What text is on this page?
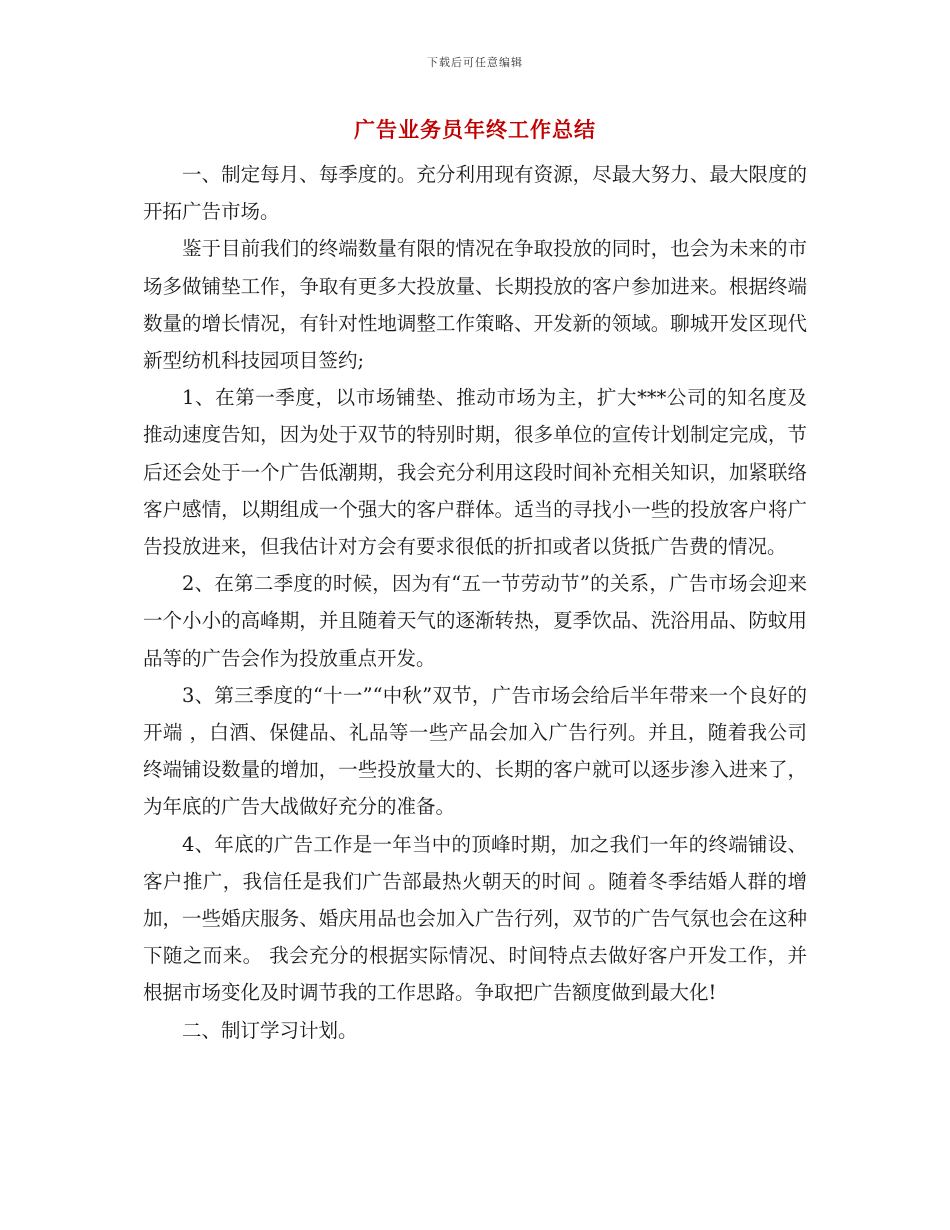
下载后可任意编辑
广告业务员年终工作总结

一、制定每月、每季度的。充分利用现有资源，尽最大努力、最大限度的开拓广告市场。

鉴于目前我们的终端数量有限的情况在争取投放的同时，也会为未来的市场多做铺垫工作，争取有更多大投放量、长期投放的客户参加进来。根据终端数量的增长情况，有针对性地调整工作策略、开发新的领域。聊城开发区现代新型纺机科技园项目签约;

1、在第一季度，以市场铺垫、推动市场为主，扩大***公司的知名度及推动速度告知，因为处于双节的特别时期，很多单位的宣传计划制定完成，节后还会处于一个广告低潮期，我会充分利用这段时间补充相关知识，加紧联络客户感情，以期组成一个强大的客户群体。适当的寻找小一些的投放客户将广告投放进来，但我估计对方会有要求很低的折扣或者以货抵广告费的情况。

2、在第二季度的时候，因为有“五一节劳动节”的关系，广告市场会迎来一个小小的高峰期，并且随着天气的逐渐转热，夏季饮品、洗浴用品、防蚊用品等的广告会作为投放重点开发。

3、第三季度的“十一”“中秋”双节，广告市场会给后半年带来一个良好的开端 ，白酒、保健品、礼品等一些产品会加入广告行列。并且，随着我公司终端铺设数量的增加，一些投放量大的、长期的客户就可以逐步渗入进来了，为年底的广告大战做好充分的准备。

4、年底的广告工作是一年当中的顶峰时期，加之我们一年的终端铺设、客户推广，我信任是我们广告部最热火朝天的时间 。随着冬季结婚人群的增加，一些婚庆服务、婚庆用品也会加入广告行列，双节的广告气氛也会在这种下随之而来。 我会充分的根据实际情况、时间特点去做好客户开发工作，并根据市场变化及时调节我的工作思路。争取把广告额度做到最大化!

二、制订学习计划。
